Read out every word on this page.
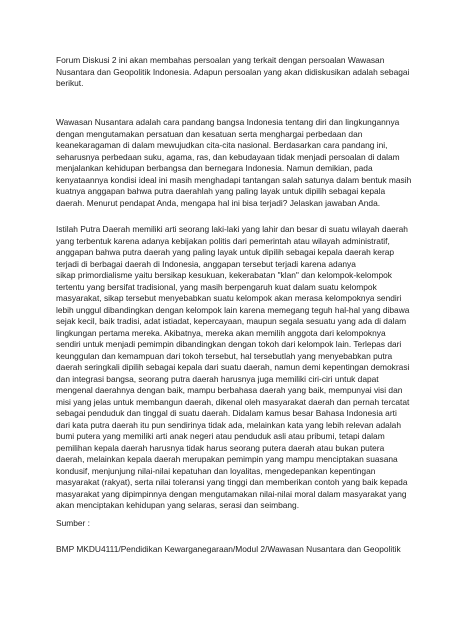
Forum Diskusi 2 ini akan membahas persoalan yang terkait dengan persoalan Wawasan
Nusantara dan Geopolitik Indonesia. Adapun persoalan yang akan didiskusikan adalah sebagai
berikut.
Wawasan Nusantara adalah cara pandang bangsa Indonesia tentang diri dan lingkungannya
dengan mengutamakan persatuan dan kesatuan serta menghargai perbedaan dan
keanekaragaman di dalam mewujudkan cita-cita nasional. Berdasarkan cara pandang ini,
seharusnya perbedaan suku, agama, ras, dan kebudayaan tidak menjadi persoalan di dalam
menjalankan kehidupan berbangsa dan bernegara Indonesia. Namun demikian, pada
kenyataannya kondisi ideal ini masih menghadapi tantangan salah satunya dalam bentuk masih
kuatnya anggapan bahwa putra daerahlah yang paling layak untuk dipilih sebagai kepala
daerah. Menurut pendapat Anda, mengapa hal ini bisa terjadi? Jelaskan jawaban Anda.
Istilah Putra Daerah memiliki arti seorang laki-laki yang lahir dan besar di suatu wilayah daerah
yang terbentuk karena adanya kebijakan politis dari pemerintah atau wilayah administratif,
anggapan bahwa putra daerah yang paling layak untuk dipilih sebagai kepala daerah kerap
terjadi di berbagai daerah di Indonesia, anggapan tersebut terjadi karena adanya
sikap primordialisme yaitu bersikap kesukuan, kekerabatan "klan" dan kelompok-kelompok
tertentu yang bersifat tradisional, yang masih berpengaruh kuat dalam suatu kelompok
masyarakat, sikap tersebut menyebabkan suatu kelompok akan merasa kelompoknya sendiri
lebih unggul dibandingkan dengan kelompok lain karena memegang teguh hal-hal yang dibawa
sejak kecil, baik tradisi, adat istiadat, kepercayaan, maupun segala sesuatu yang ada di dalam
lingkungan pertama mereka. Akibatnya, mereka akan memilih anggota dari kelompoknya
sendiri untuk menjadi pemimpin dibandingkan dengan tokoh dari kelompok lain. Terlepas dari
keunggulan dan kemampuan dari tokoh tersebut, hal tersebutlah yang menyebabkan putra
daerah seringkali dipilih sebagai kepala dari suatu daerah, namun demi kepentingan demokrasi
dan integrasi bangsa, seorang putra daerah harusnya juga memiliki ciri-ciri untuk dapat
mengenal daerahnya dengan baik, mampu berbahasa daerah yang baik, mempunyai visi dan
misi yang jelas untuk membangun daerah, dikenal oleh masyarakat daerah dan pernah tercatat
sebagai penduduk dan tinggal di suatu daerah. Didalam kamus besar Bahasa Indonesia arti
dari kata putra daerah itu pun sendirinya tidak ada, melainkan kata yang lebih relevan adalah
bumi putera yang memiliki arti anak negeri atau penduduk asli atau pribumi, tetapi dalam
pemilihan kepala daerah harusnya tidak harus seorang putera daerah atau bukan putera
daerah, melainkan kepala daerah merupakan pemimpin yang mampu menciptakan suasana
kondusif, menjunjung nilai-nilai kepatuhan dan loyalitas, mengedepankan kepentingan
masyarakat (rakyat), serta nilai toleransi yang tinggi dan memberikan contoh yang baik kepada
masyarakat yang dipimpinnya dengan mengutamakan nilai-nilai moral dalam masyarakat yang
akan menciptakan kehidupan yang selaras, serasi dan seimbang.
Sumber :
BMP MKDU4111/Pendidikan Kewarganegaraan/Modul 2/Wawasan Nusantara dan Geopolitik
